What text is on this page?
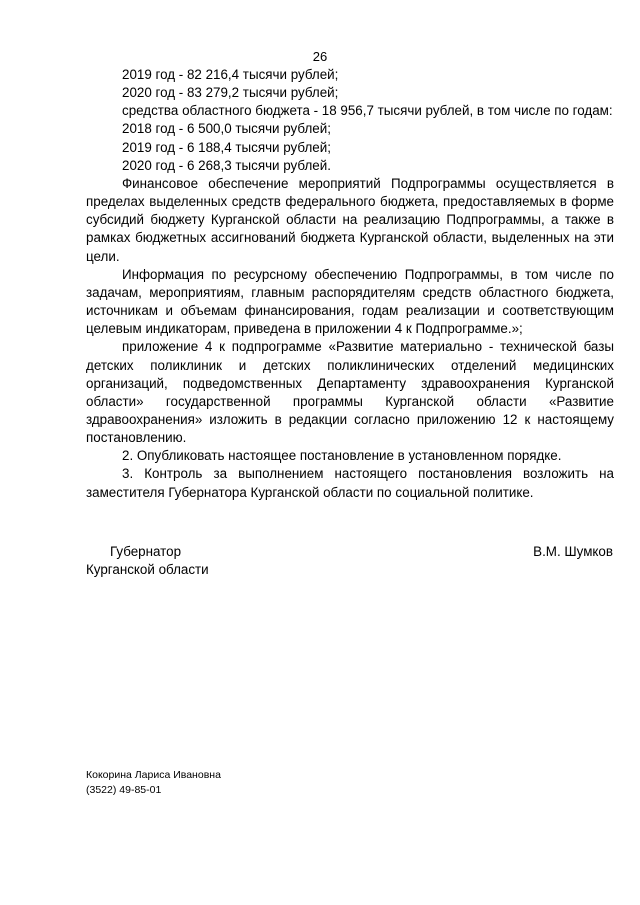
26

2019 год - 82 216,4 тысячи рублей;

2020 год - 83 279,2 тысячи рублей;

средства областного бюджета - 18 956,7 тысячи рублей, в том числе по годам:

2018 год - 6 500,0 тысячи рублей;

2019 год - 6 188,4 тысячи рублей;

2020 год - 6 268,3 тысячи рублей.

Финансовое обеспечение мероприятий Подпрограммы осуществляется в пределах выделенных средств федерального бюджета, предоставляемых в форме субсидий бюджету Курганской области на реализацию Подпрограммы, а также в рамках бюджетных ассигнований бюджета Курганской области, выделенных на эти цели.

Информация по ресурсному обеспечению Подпрограммы, в том числе по задачам, мероприятиям, главным распорядителям средств областного бюджета, источникам и объемам финансирования, годам реализации и соответствующим целевым индикаторам, приведена в приложении 4 к Подпрограмме.»;

приложение 4 к подпрограмме «Развитие материально - технической базы детских поликлиник и детских поликлинических отделений медицинских организаций, подведомственных Департаменту здравоохранения Курганской области» государственной программы Курганской области «Развитие здравоохранения» изложить в редакции согласно приложению 12 к настоящему постановлению.

2. Опубликовать настоящее постановление в установленном порядке.

3. Контроль за выполнением настоящего постановления возложить на заместителя Губернатора Курганской области по социальной политике.

Губернатор
Курганской области
В.М. Шумков
Кокорина Лариса Ивановна
(3522) 49-85-01
